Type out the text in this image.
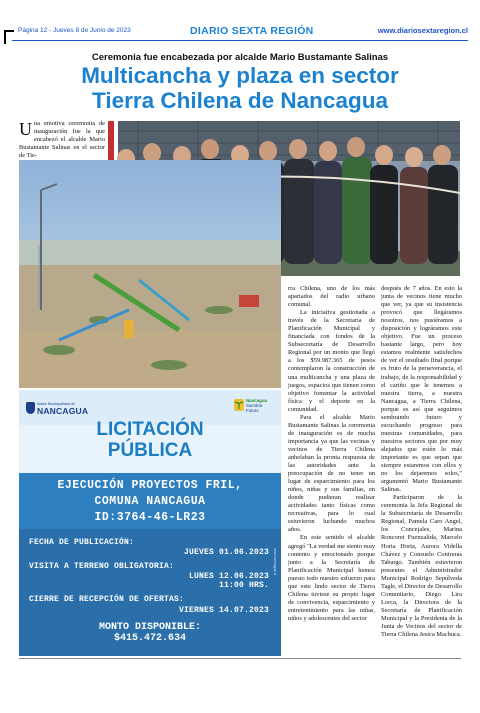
Página 12 - Jueves 8 de Junio de 2023	DIARIO SEXTA REGIÓN	www.diariosextaregion.cl
Ceremonia fue encabezada por alcalde Mario Bustamante Salinas
Multicancha y plaza en sector
Tierra Chilena de Nancagua
Una emotiva ceremonia de inauguración fue la que encabezó el alcalde Mario Bustamante Salinas en el sector de Tie-

rra Chilena, uno de los más apartados del radio urbano comunal.

La iniciativa gestionada a través de la Secretaría de Planificación Municipal y financiada con fondos de la Subsecretaría de Desarrollo Regional por un monto que llegó a los $59.987.365 de pesos contemplaron la construcción de una multicancha y una plaza de juegos, espacios que tienen como objetivo fomentar la actividad física y el deporte en la comunidad.

Para el alcalde Mario Bustamante Salinas la ceremonia de inauguración es de mucha importancia ya que las vecinas y vecinos de Tierra Chilena anhelaban la pronta respuesta de las autoridades ante la preocupación de no tener un lugar de esparcimiento para los niños, niñas y sus familias, en donde pudieran realizar actividades tanto físicas como recreativas, para lo cual estuvieron luchando muchos años.

En este sentido el alcalde agregó "La verdad me siento muy contento y emocionado porque junto a la Secretaría de Planificación Municipal hemos puesto todo nuestro esfuerzo para que este lindo sector de Tierra Chilena tuviese su propio lugar de convivencia, esparcimiento y entretenimiento para las niñas, niños y adolescentes del sector

después de 7 años. En esto la junta de vecinos tiene mucho que ver, ya que su insistencia provocó que llegáramos nosotros, nos pusiéramos a disposición y lográramos este objetivo. Fue un proceso bastante largo, pero hoy estamos realmente satisfechos de ver el resultado final porque es fruto de la perseverancia, el trabajo, de la responsabilidad y el cariño que le tenemos a nuestra tierra, a nuestra Nancagua, a Tierra Chilena, porque es así que seguimos sembrando futuro y escuchando progreso para nuestras comunidades, para nuestros sectores que por muy alejados que estén lo más importante es que sepan que siempre estaremos con ellos y no los dejaremos solos," argumentó Mario Bustamante Salinas.

Participaron de la ceremonia la Jefa Regional de la Subsecretaría de Desarrollo Regional, Pamela Caro Angel, los Concejales, Marina Roncoret Fuenzalida, Marcelo Horta Horta, Aurora Vidella Chávez y Consuelo Contreras Tabargo. También estuvieron presentes el Administrador Municipal Rodrigo Sepúlveda Tagle, el Director de Desarrollo Comunitario, Diego Lira Lorca, la Directora de la Secretaría de Planificación Municipal y la Presidenta de la Junta de Vecinos del sector de Tierra Chilena Jesica Machuca.

Ilustre Municipalidad de
NANCAGUA
Nancagua
Siembra
Futuro
LICITACIÓN
PÚBLICA
EJECUCIÓN PROYECTOS FRIL,
COMUNA NANCAGUA
ID:3764-46-LR23
FECHA DE PUBLICACIÓN:
JUEVES 01.06.2023
VISITA A TERRENO OBLIGATORIA:
LUNES 12.06.2023
11:00 HRS.
CIERRE DE RECEPCIÓN DE OFERTAS:
VIERNES 14.07.2023
MONTO DISPONIBLE:
$415.472.634
www.nancagua.cl
